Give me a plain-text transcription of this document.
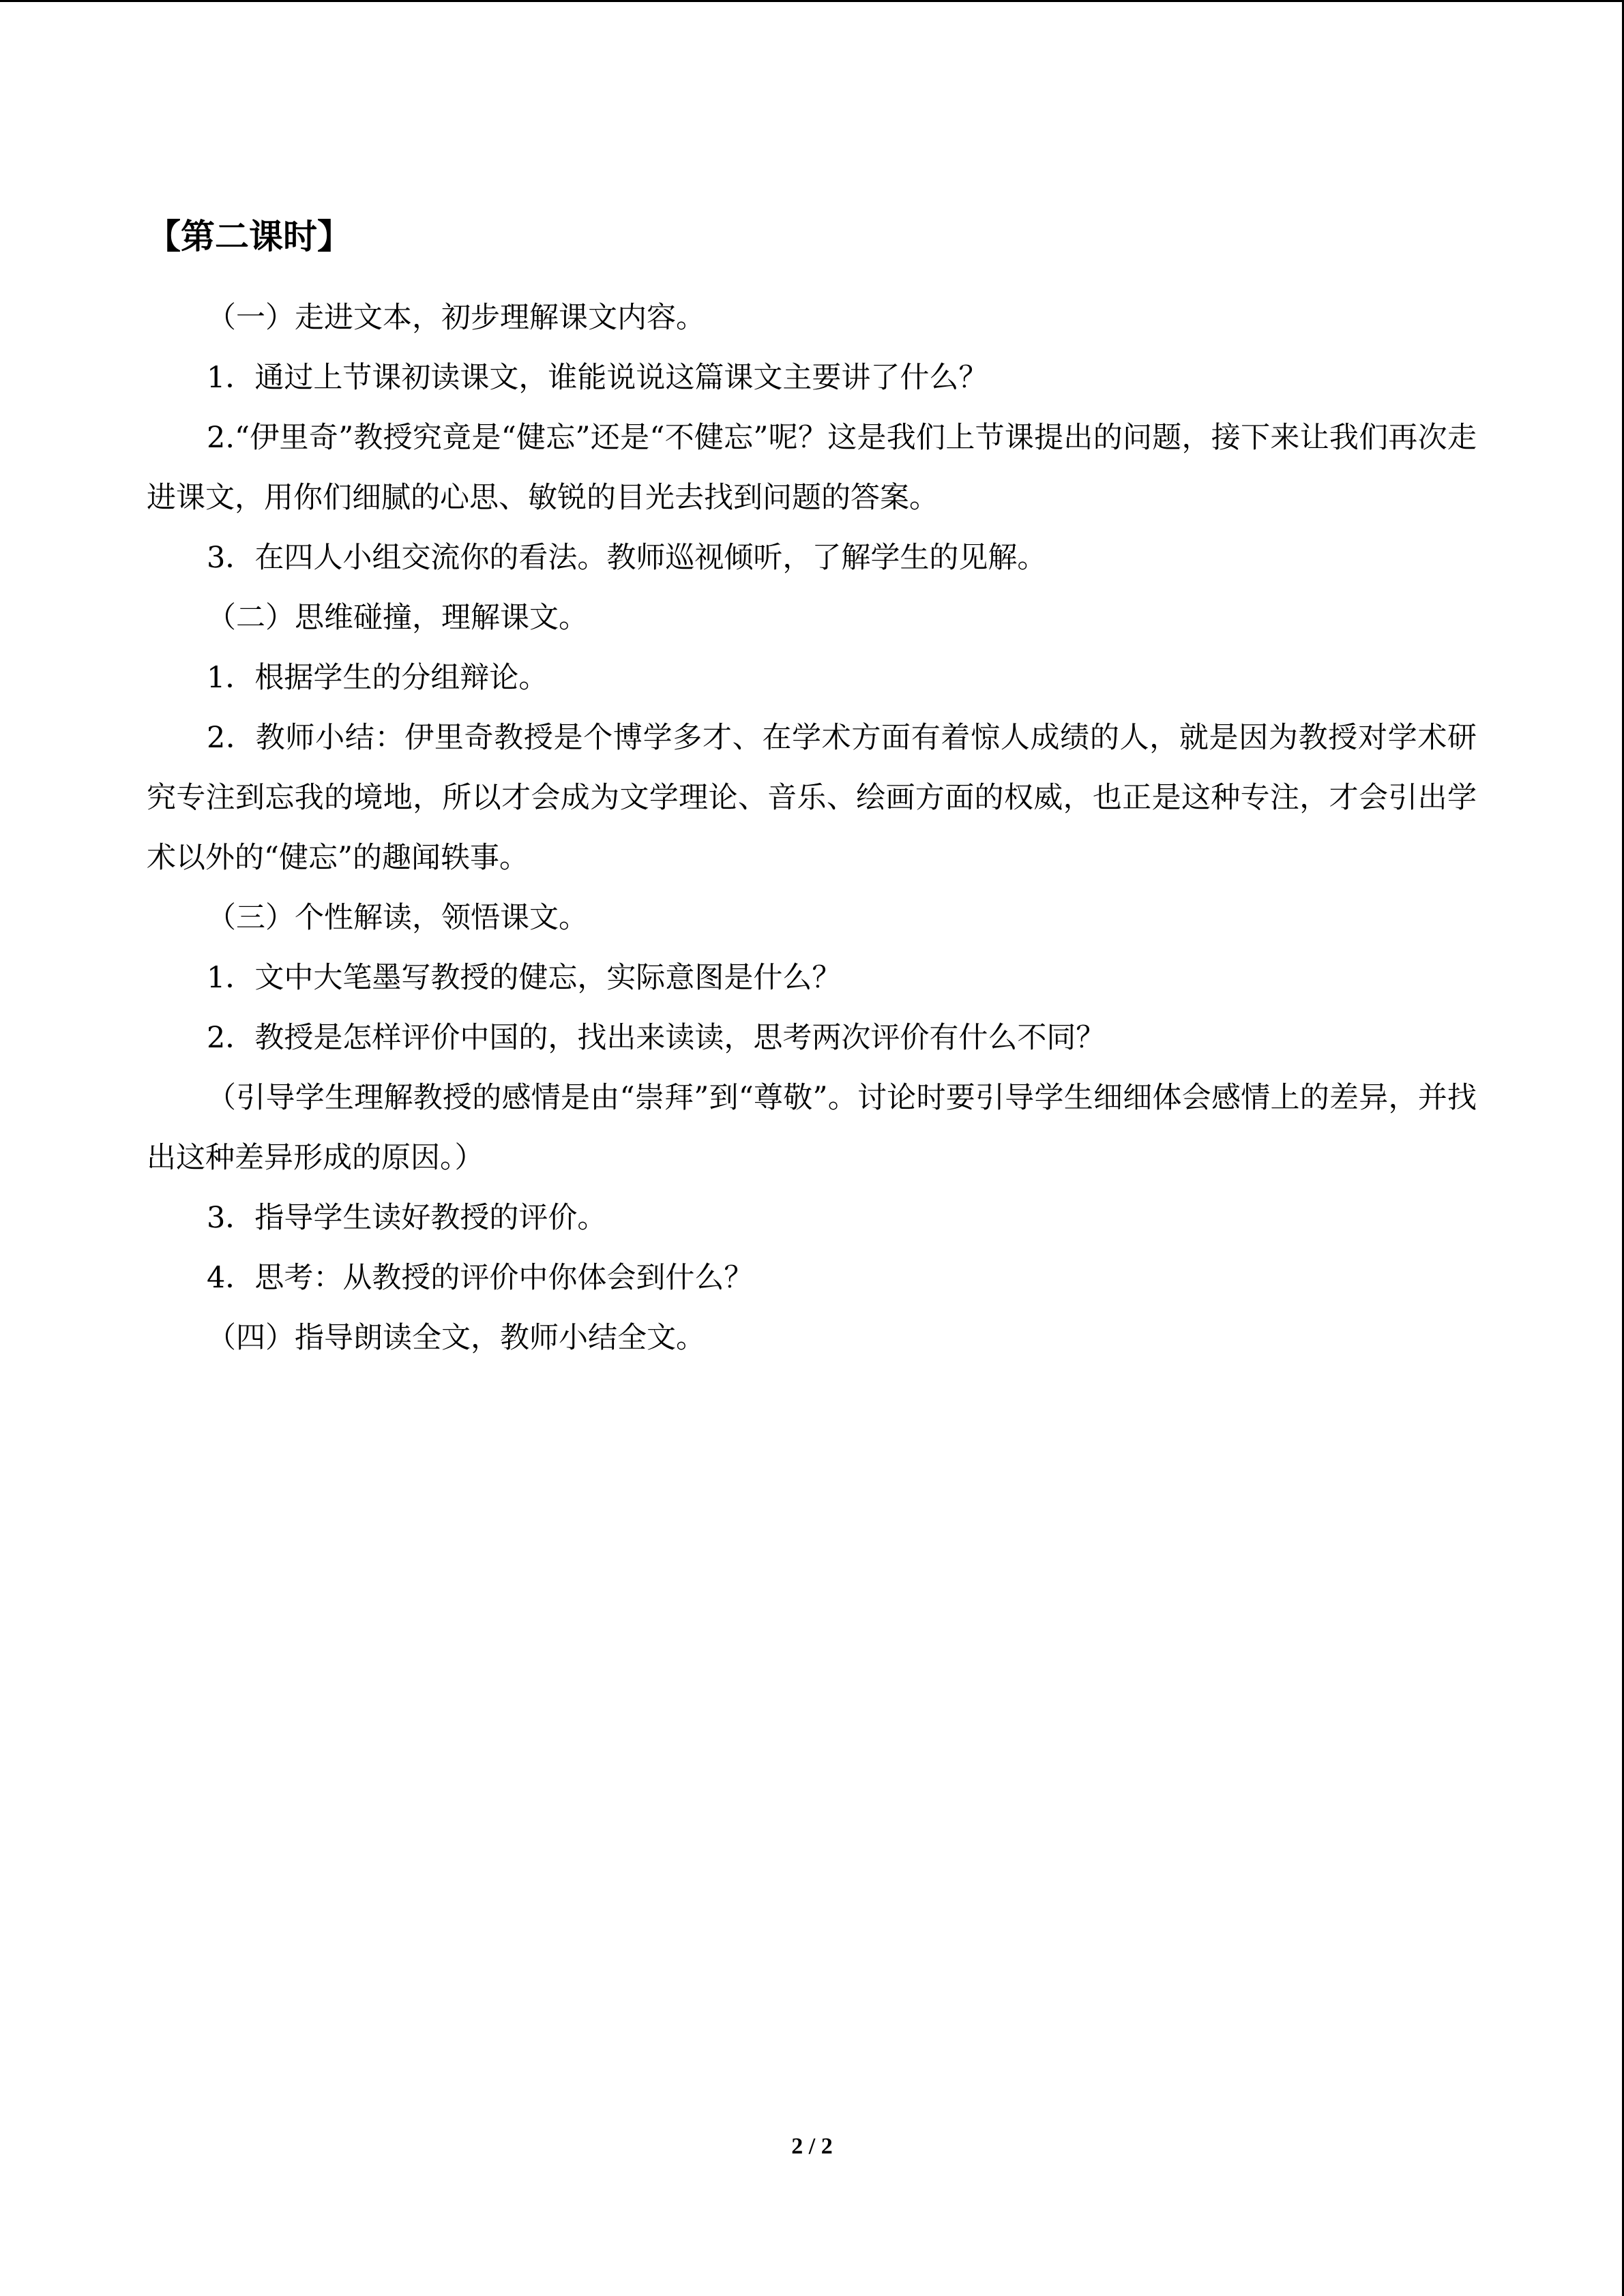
【第二课时】

（一）走进文本，初步理解课文内容。

1．通过上节课初读课文，谁能说说这篇课文主要讲了什么？

2.“伊里奇”教授究竟是“健忘”还是“不健忘”呢？这是我们上节课提出的问题，接下来让我们再次走进课文，用你们细腻的心思、敏锐的目光去找到问题的答案。

3．在四人小组交流你的看法。教师巡视倾听，了解学生的见解。

（二）思维碰撞，理解课文。

1．根据学生的分组辩论。

2．教师小结：伊里奇教授是个博学多才、在学术方面有着惊人成绩的人，就是因为教授对学术研究专注到忘我的境地，所以才会成为文学理论、音乐、绘画方面的权威，也正是这种专注，才会引出学术以外的“健忘”的趣闻轶事。

（三）个性解读，领悟课文。

1．文中大笔墨写教授的健忘，实际意图是什么？

2．教授是怎样评价中国的，找出来读读，思考两次评价有什么不同？

（引导学生理解教授的感情是由“崇拜”到“尊敬”。讨论时要引导学生细细体会感情上的差异，并找出这种差异形成的原因。）

3．指导学生读好教授的评价。

4．思考：从教授的评价中你体会到什么？

（四）指导朗读全文，教师小结全文。

2 / 2
